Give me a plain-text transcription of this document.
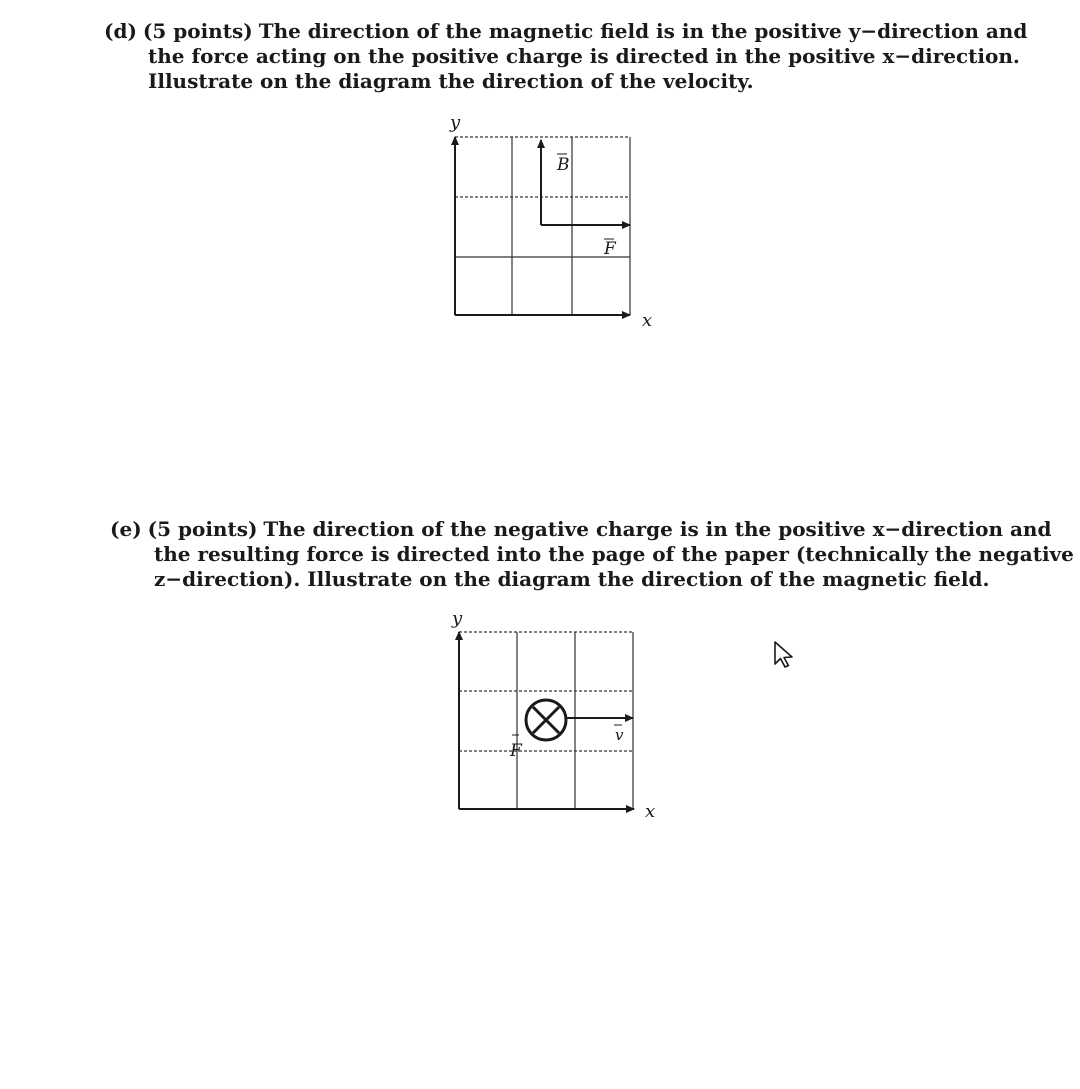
(d) (5 points) The direction of the magnetic field is in the positive y−direction and
the force acting on the positive charge is directed in the positive x−direction.
Illustrate on the diagram the direction of the velocity.
y
x
B
F
(e) (5 points) The direction of the negative charge is in the positive x−direction and
the resulting force is directed into the page of the paper (technically the negative
z−direction). Illustrate on the diagram the direction of the magnetic field.
y
x
v
F
